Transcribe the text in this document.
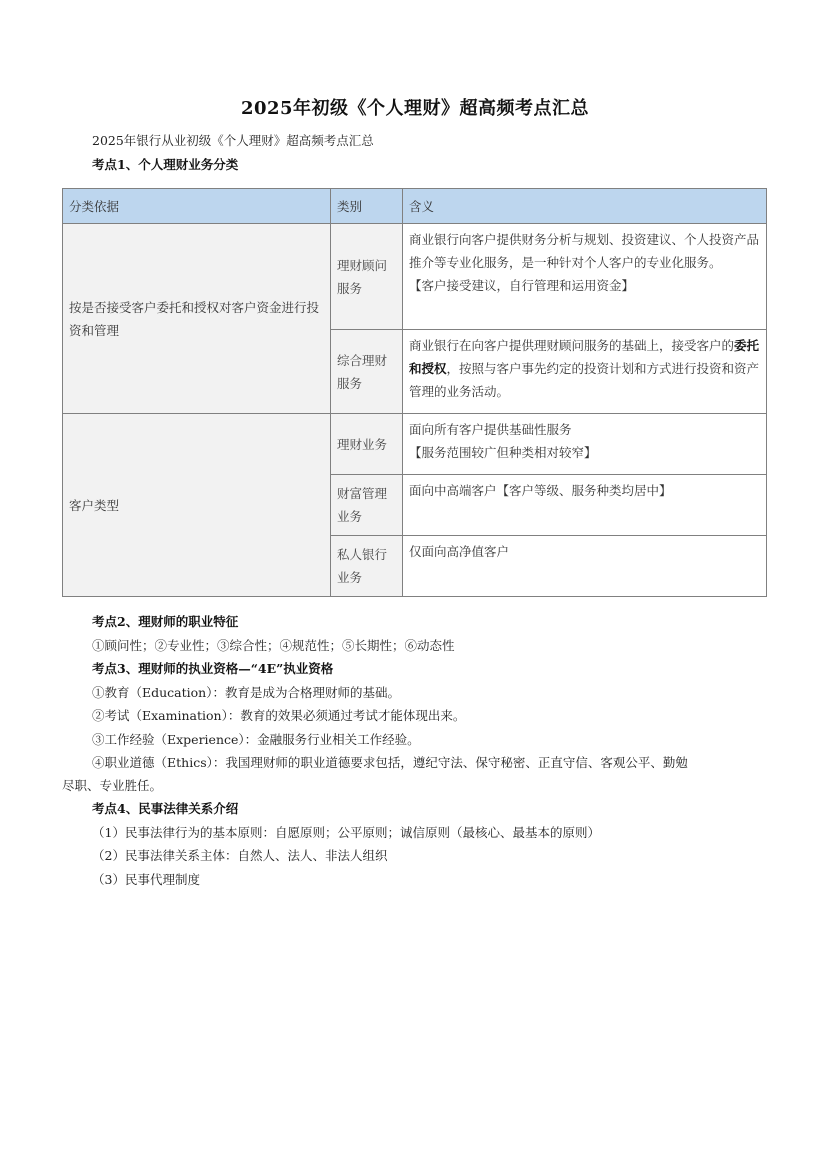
2025年初级《个人理财》超高频考点汇总
2025年银行从业初级《个人理财》超高频考点汇总
考点1、个人理财业务分类
分类依据	类别	含义
按是否接受客户委托和授权对客户资金进行投资和管理	理财顾问服务	商业银行向客户提供财务分析与规划、投资建议、个人投资产品推介等专业化服务，是一种针对个人客户的专业化服务。
【客户接受建议，自行管理和运用资金】

	综合理财服务	商业银行在向客户提供理财顾问服务的基础上，接受客户的委托和授权，按照与客户事先约定的投资计划和方式进行投资和资产管理的业务活动。
客户类型	理财业务	面向所有客户提供基础性服务
【服务范围较广但种类相对较窄】

	财富管理业务	面向中高端客户【客户等级、服务种类均居中】

	私人银行业务	仅面向高净值客户
考点2、理财师的职业特征
①顾问性；②专业性；③综合性；④规范性；⑤长期性；⑥动态性
考点3、理财师的执业资格—“4E”执业资格
①教育（Education）：教育是成为合格理财师的基础。
②考试（Examination）：教育的效果必须通过考试才能体现出来。
③工作经验（Experience）：金融服务行业相关工作经验。
④职业道德（Ethics）：我国理财师的职业道德要求包括，遵纪守法、保守秘密、正直守信、客观公平、勤勉
尽职、专业胜任。
考点4、民事法律关系介绍
（1）民事法律行为的基本原则：自愿原则；公平原则；诚信原则（最核心、最基本的原则）
（2）民事法律关系主体：自然人、法人、非法人组织
（3）民事代理制度
